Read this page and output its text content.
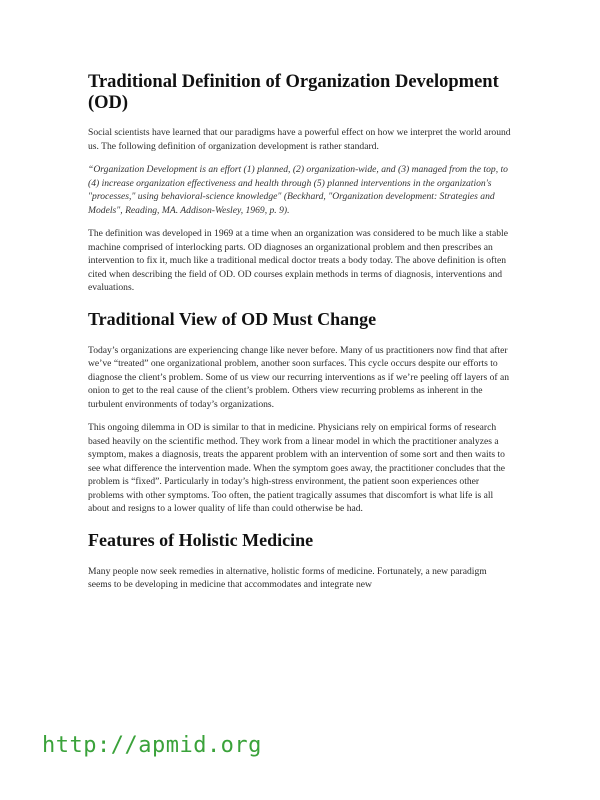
Traditional Definition of Organization Development (OD)

Social scientists have learned that our paradigms have a powerful effect on how we interpret the world around us. The following definition of organization development is rather standard.

“Organization Development is an effort (1) planned, (2) organization-wide, and (3) managed from the top, to (4) increase organization effectiveness and health through (5) planned interventions in the organization's "processes," using behavioral-science knowledge" (Beckhard, "Organization development: Strategies and Models", Reading, MA. Addison-Wesley, 1969, p. 9).

The definition was developed in 1969 at a time when an organization was considered to be much like a stable machine comprised of interlocking parts. OD diagnoses an organizational problem and then prescribes an intervention to fix it, much like a traditional medical doctor treats a body today. The above definition is often cited when describing the field of OD. OD courses explain methods in terms of diagnosis, interventions and evaluations.

Traditional View of OD Must Change

Today’s organizations are experiencing change like never before. Many of us practitioners now find that after we’ve “treated” one organizational problem, another soon surfaces. This cycle occurs despite our efforts to diagnose the client’s problem. Some of us view our recurring interventions as if we’re peeling off layers of an onion to get to the real cause of the client’s problem. Others view recurring problems as inherent in the turbulent environments of today’s organizations.

This ongoing dilemma in OD is similar to that in medicine. Physicians rely on empirical forms of research based heavily on the scientific method. They work from a linear model in which the practitioner analyzes a symptom, makes a diagnosis, treats the apparent problem with an intervention of some sort and then waits to see what difference the intervention made. When the symptom goes away, the practitioner concludes that the problem is “fixed”. Particularly in today’s high-stress environment, the patient soon experiences other problems with other symptoms. Too often, the patient tragically assumes that discomfort is what life is all about and resigns to a lower quality of life than could otherwise be had.

Features of Holistic Medicine

Many people now seek remedies in alternative, holistic forms of medicine. Fortunately, a new paradigm seems to be developing in medicine that accommodates and integrate new

http://apmid.org
